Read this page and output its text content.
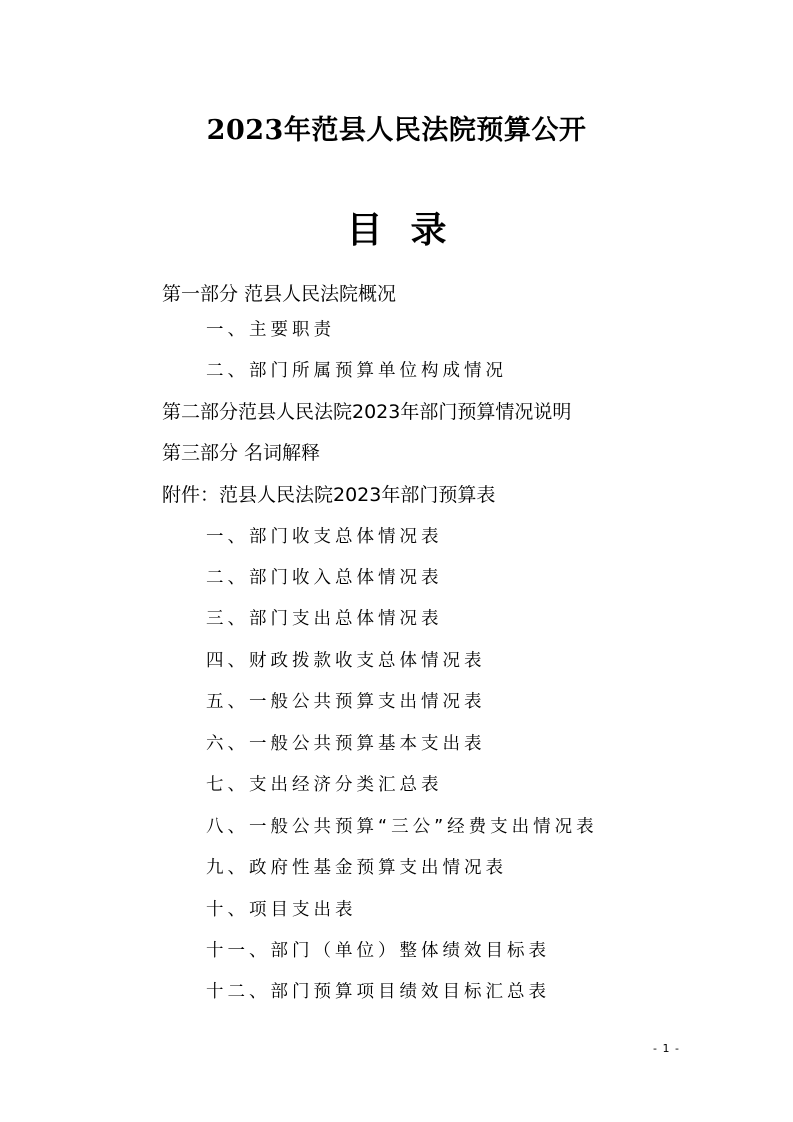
2023年范县人民法院预算公开
目录
第一部分 范县人民法院概况
一、主要职责
二、部门所属预算单位构成情况
第二部分范县人民法院2023年部门预算情况说明
第三部分 名词解释
附件：范县人民法院2023年部门预算表
一、部门收支总体情况表
二、部门收入总体情况表
三、部门支出总体情况表
四、财政拨款收支总体情况表
五、一般公共预算支出情况表
六、一般公共预算基本支出表
七、支出经济分类汇总表
八、一般公共预算“三公”经费支出情况表
九、政府性基金预算支出情况表
十、项目支出表
十一、部门（单位）整体绩效目标表
十二、部门预算项目绩效目标汇总表
- 1 -
